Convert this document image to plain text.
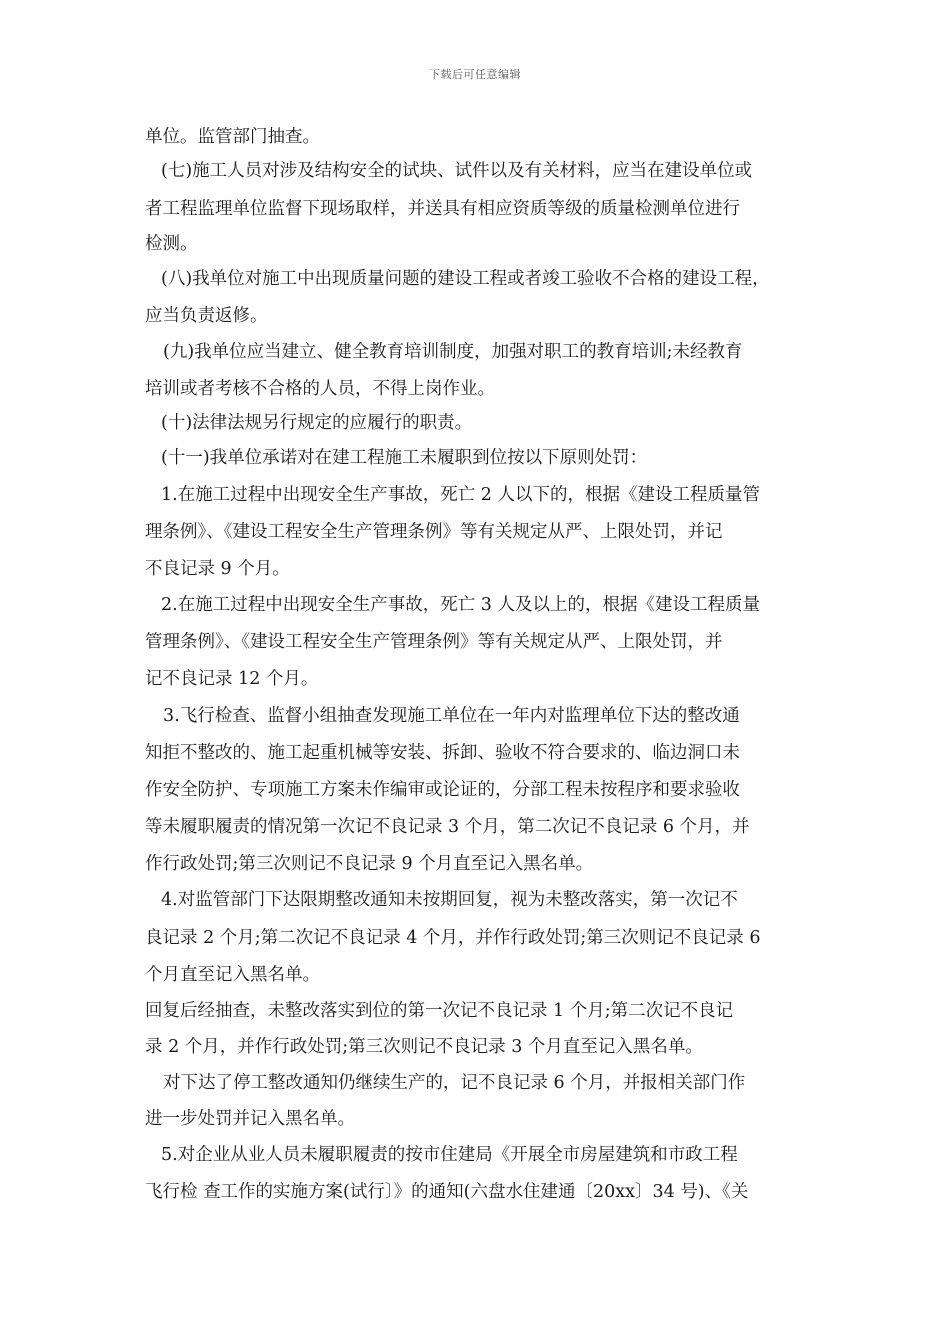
下载后可任意编辑
单位。监管部门抽查。
(七)施工人员对涉及结构安全的试块、试件以及有关材料，应当在建设单位或
者工程监理单位监督下现场取样，并送具有相应资质等级的质量检测单位进行
检测。
(八)我单位对施工中出现质量问题的建设工程或者竣工验收不合格的建设工程，
应当负责返修。
(九)我单位应当建立、健全教育培训制度，加强对职工的教育培训;未经教育
培训或者考核不合格的人员，不得上岗作业。
(十)法律法规另行规定的应履行的职责。
(十一)我单位承诺对在建工程施工未履职到位按以下原则处罚：
1.在施工过程中出现安全生产事故，死亡 2 人以下的，根据《建设工程质量管
理条例》、《建设工程安全生产管理条例》等有关规定从严、上限处罚，并记
不良记录 9 个月。
2.在施工过程中出现安全生产事故，死亡 3 人及以上的，根据《建设工程质量
管理条例》、《建设工程安全生产管理条例》等有关规定从严、上限处罚，并
记不良记录 12 个月。
3.飞行检查、监督小组抽查发现施工单位在一年内对监理单位下达的整改通
知拒不整改的、施工起重机械等安装、拆卸、验收不符合要求的、临边洞口未
作安全防护、专项施工方案未作编审或论证的，分部工程未按程序和要求验收
等未履职履责的情况第一次记不良记录 3 个月，第二次记不良记录 6 个月，并
作行政处罚;第三次则记不良记录 9 个月直至记入黑名单。
4.对监管部门下达限期整改通知未按期回复，视为未整改落实，第一次记不
良记录 2 个月;第二次记不良记录 4 个月，并作行政处罚;第三次则记不良记录 6
个月直至记入黑名单。
回复后经抽查，未整改落实到位的第一次记不良记录 1 个月;第二次记不良记
录 2 个月，并作行政处罚;第三次则记不良记录 3 个月直至记入黑名单。
对下达了停工整改通知仍继续生产的，记不良记录 6 个月，并报相关部门作
进一步处罚并记入黑名单。
5.对企业从业人员未履职履责的按市住建局《开展全市房屋建筑和市政工程
飞行检 查工作的实施方案(试行〕》的通知(六盘水住建通〔20xx〕34 号)、《关
